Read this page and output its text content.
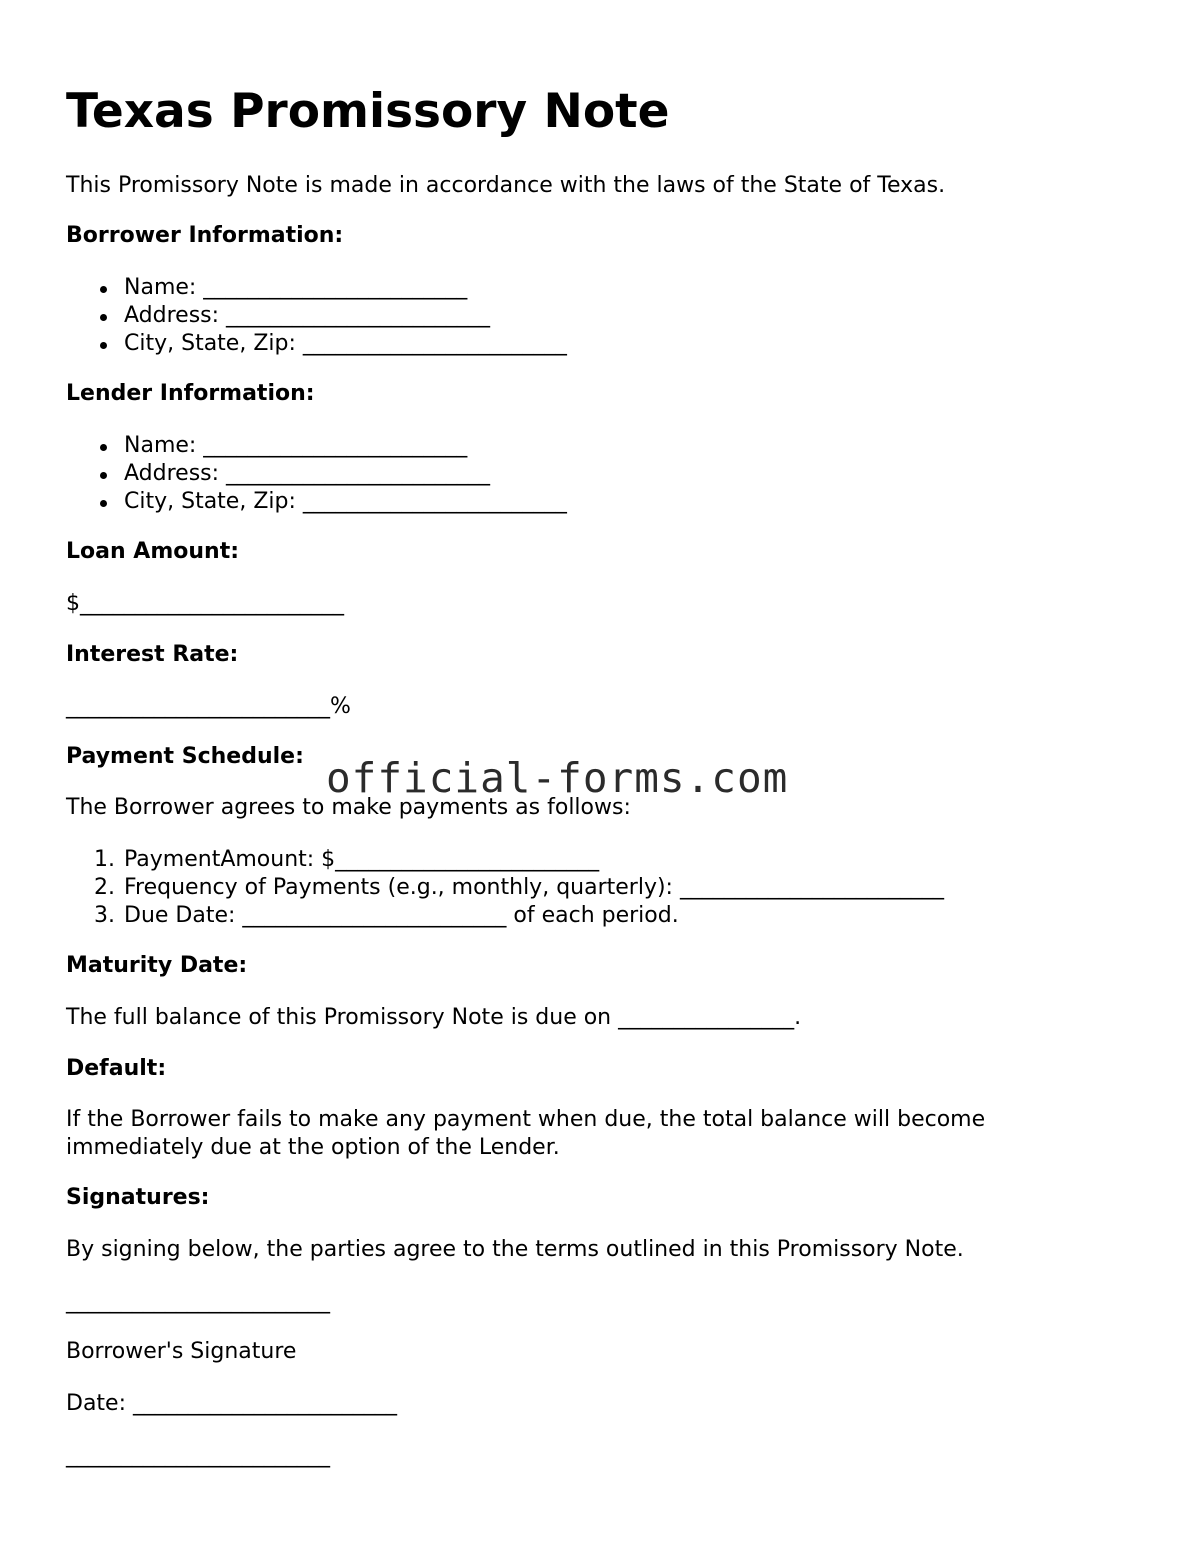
Texas Promissory Note
This Promissory Note is made in accordance with the laws of the State of Texas.
Borrower Information:
Name: ________________________
Address: ________________________
City, State, Zip: ________________________
Lender Information:
Name: ________________________
Address: ________________________
City, State, Zip: ________________________
Loan Amount:
$________________________
Interest Rate:
________________________%
Payment Schedule:
The Borrower agrees to make payments as follows:
1. PaymentAmount: $________________________
2. Frequency of Payments (e.g., monthly, quarterly): ________________________
3. Due Date: ________________________ of each period.
Maturity Date:
The full balance of this Promissory Note is due on ________________.
Default:
If the Borrower fails to make any payment when due, the total balance will become immediately due at the option of the Lender.
Signatures:
By signing below, the parties agree to the terms outlined in this Promissory Note.
________________________
Borrower's Signature
Date: ________________________
________________________
official-forms.com
